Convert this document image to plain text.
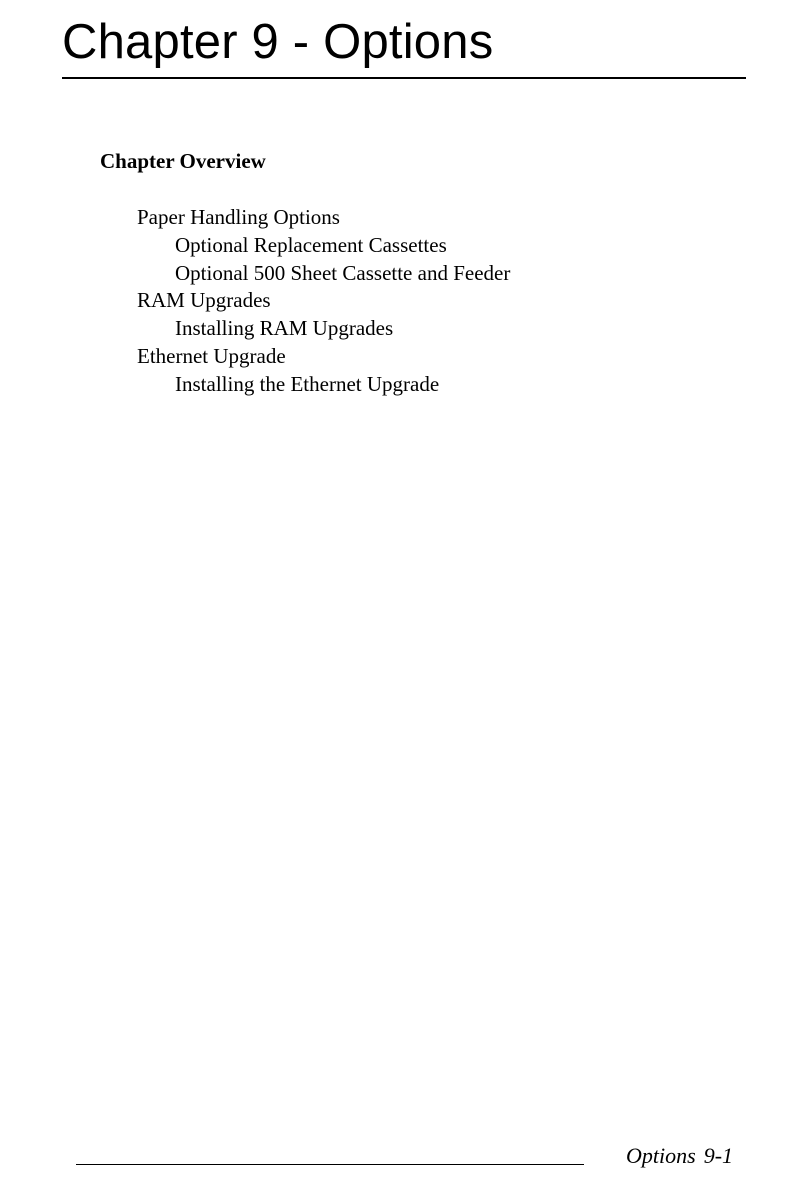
Chapter 9 - Options
Chapter Overview
Paper Handling Options
Optional Replacement Cassettes
Optional 500 Sheet Cassette and Feeder
RAM Upgrades
Installing RAM Upgrades
Ethernet Upgrade
Installing the Ethernet Upgrade
Options 9-1
